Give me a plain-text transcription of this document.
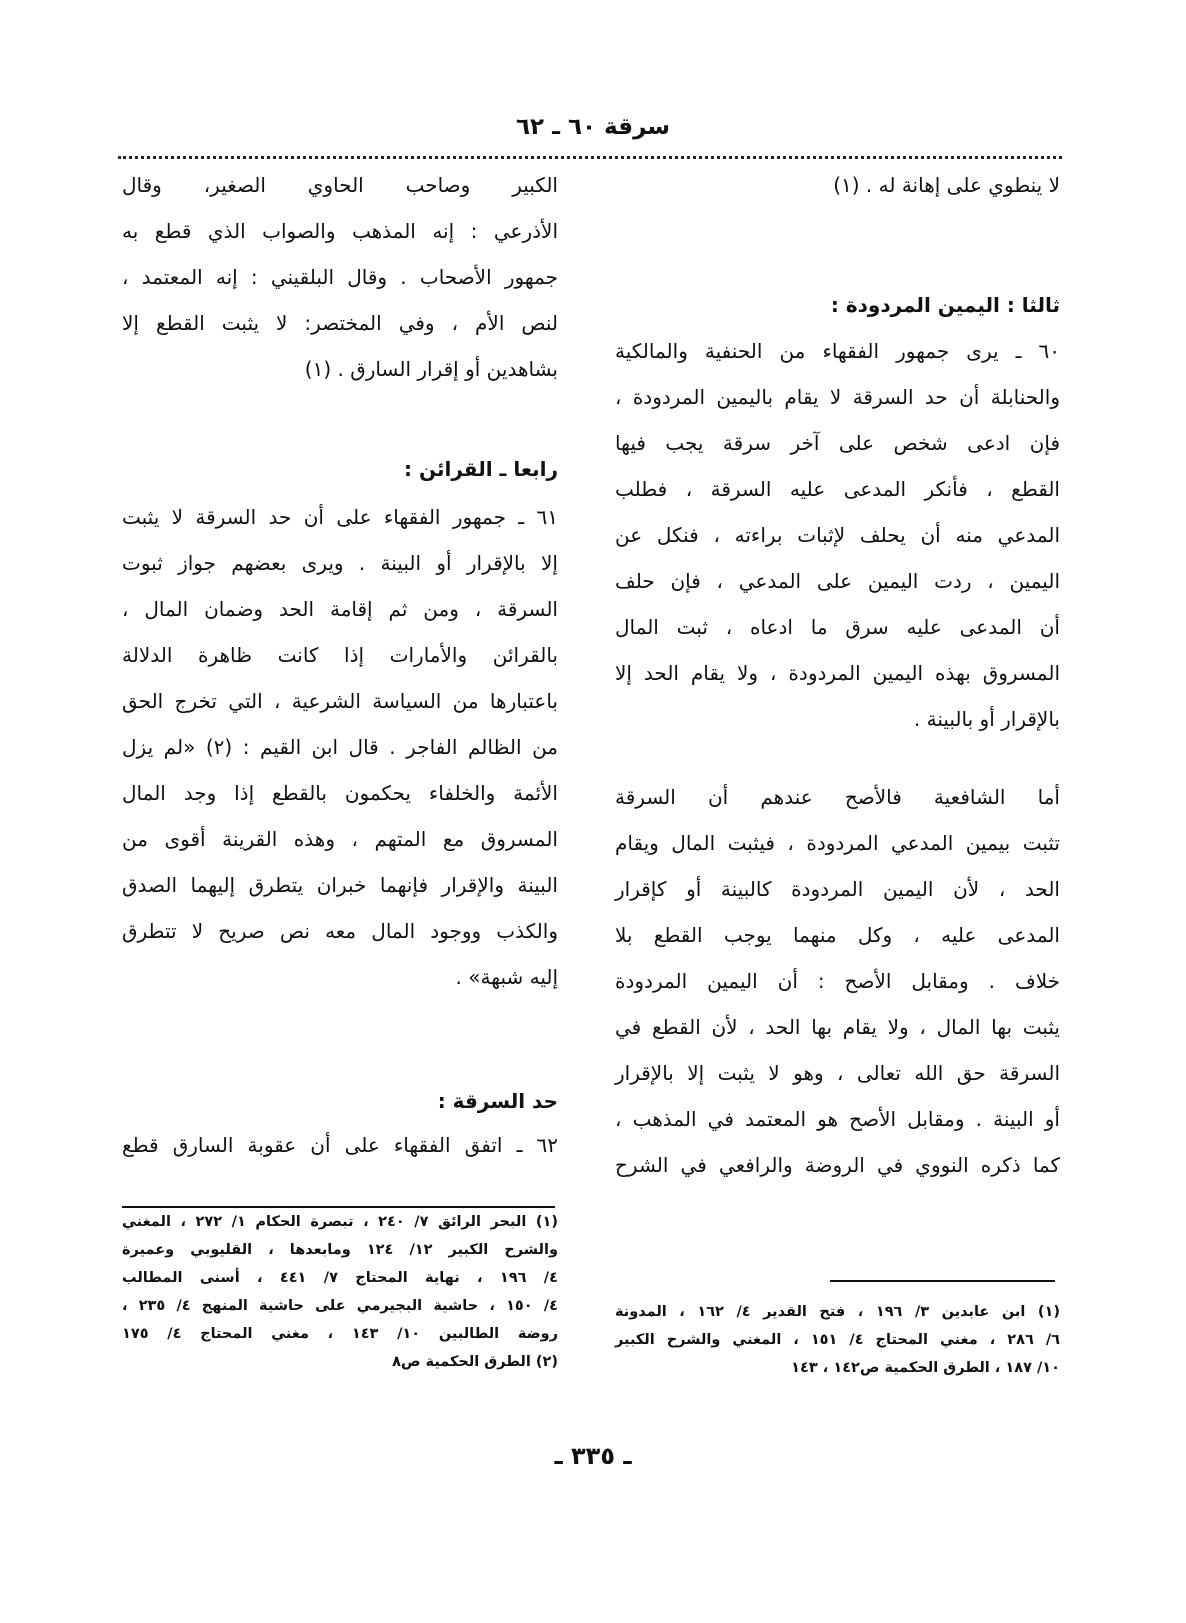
سرقة ٦٠ ـ ٦٢
لا ينطوي على إهانة له . (١)
ثالثا : اليمين المردودة :
٦٠ ـ يرى جمهور الفقهاء من الحنفية والمالكية
والحنابلة أن حد السرقة لا يقام باليمين المردودة ،
فإن ادعى شخص على آخر سرقة يجب فيها
القطع ، فأنكر المدعى عليه السرقة ، فطلب
المدعي منه أن يحلف لإثبات براءته ، فنكل عن
اليمين ، ردت اليمين على المدعي ، فإن حلف
أن المدعى عليه سرق ما ادعاه ، ثبت المال
المسروق بهذه اليمين المردودة ، ولا يقام الحد إلا
بالإقرار أو بالبينة .
أما الشافعية فالأصح عندهم أن السرقة
تثبت بيمين المدعي المردودة ، فيثبت المال ويقام
الحد ، لأن اليمين المردودة كالبينة أو كإقرار
المدعى عليه ، وكل منهما يوجب القطع بلا
خلاف . ومقابل الأصح : أن اليمين المردودة
يثبت بها المال ، ولا يقام بها الحد ، لأن القطع في
السرقة حق الله تعالى ، وهو لا يثبت إلا بالإقرار
أو البينة . ومقابل الأصح هو المعتمد في المذهب ،
كما ذكره النووي في الروضة والرافعي في الشرح
(١) ابن عابدين ٣/ ١٩٦ ، فتح القدير ٤/ ١٦٢ ، المدونة
٦/ ٢٨٦ ، مغني المحتاج ٤/ ١٥١ ، المغني والشرح الكبير
١٠/ ١٨٧ ، الطرق الحكمية ص١٤٢ ، ١٤٣
الكبير وصاحب الحاوي الصغير، وقال
الأذرعي : إنه المذهب والصواب الذي قطع به
جمهور الأصحاب . وقال البلقيني : إنه المعتمد ،
لنص الأم ، وفي المختصر: لا يثبت القطع إلا
بشاهدين أو إقرار السارق . (١)
رابعا ـ القرائن :
٦١ ـ جمهور الفقهاء على أن حد السرقة لا يثبت
إلا بالإقرار أو البينة . ويرى بعضهم جواز ثبوت
السرقة ، ومن ثم إقامة الحد وضمان المال ،
بالقرائن والأمارات إذا كانت ظاهرة الدلالة
باعتبارها من السياسة الشرعية ، التي تخرج الحق
من الظالم الفاجر . قال ابن القيم : (٢) «لم يزل
الأئمة والخلفاء يحكمون بالقطع إذا وجد المال
المسروق مع المتهم ، وهذه القرينة أقوى من
البينة والإقرار فإنهما خبران يتطرق إليهما الصدق
والكذب ووجود المال معه نص صريح لا تتطرق
إليه شبهة» .
حد السرقة :
٦٢ ـ اتفق الفقهاء على أن عقوبة السارق قطع
(١) البحر الرائق ٧/ ٢٤٠ ، تبصرة الحكام ١/ ٢٧٢ ، المغني
والشرح الكبير ١٢/ ١٢٤ ومابعدها ، القليوبي وعميرة
٤/ ١٩٦ ، نهاية المحتاج ٧/ ٤٤١ ، أسنى المطالب
٤/ ١٥٠ ، حاشية البجيرمي على حاشية المنهج ٤/ ٢٣٥ ،
روضة الطالبين ١٠/ ١٤٣ ، مغني المحتاج ٤/ ١٧٥
(٢) الطرق الحكمية ص٨
ـ ٣٣٥ ـ
